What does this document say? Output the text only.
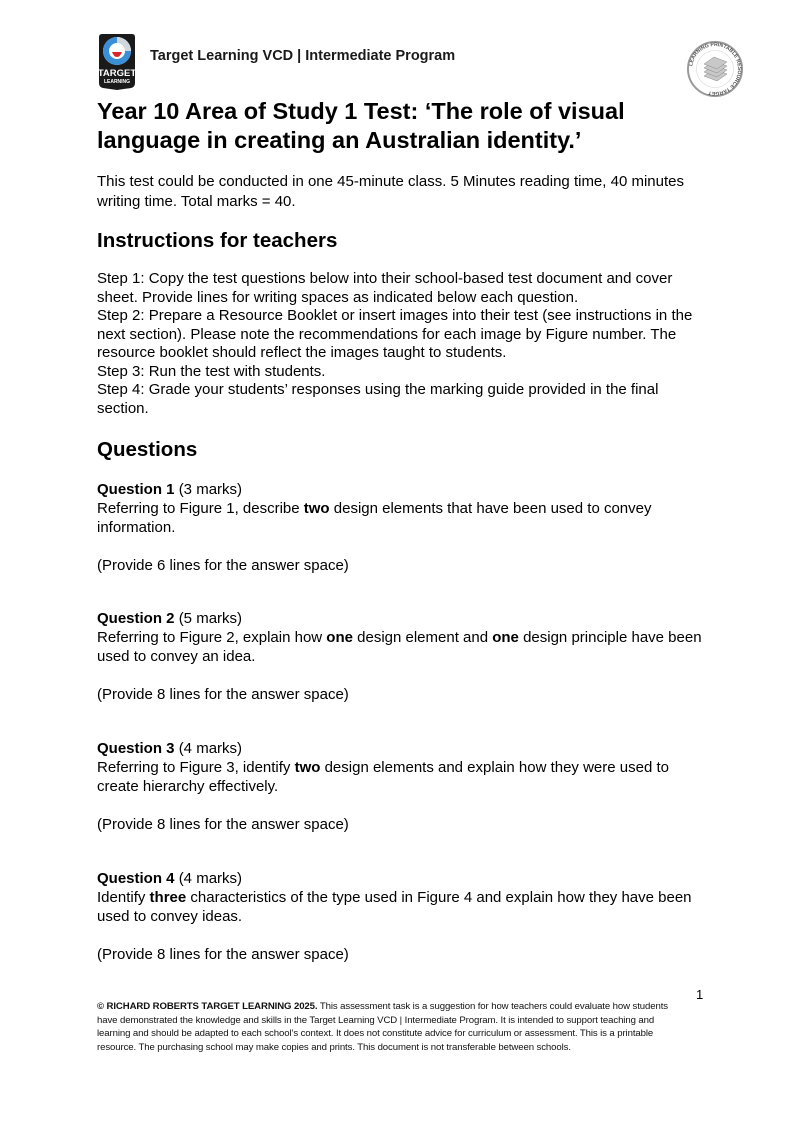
TARGET
LEARNING
Target Learning VCD | Intermediate Program
LEARNING PRINTABLE RESOURCE TARGET
Year 10 Area of Study 1 Test: ‘The role of visual language in creating an Australian identity.’

This test could be conducted in one 45-minute class. 5 Minutes reading time, 40 minutes writing time. Total marks = 40.

Instructions for teachers
Step 1: Copy the test questions below into their school-based test document and cover sheet. Provide lines for writing spaces as indicated below each question.
Step 2: Prepare a Resource Booklet or insert images into their test (see instructions in the next section). Please note the recommendations for each image by Figure number. The resource booklet should reflect the images taught to students.
Step 3: Run the test with students.
Step 4: Grade your students’ responses using the marking guide provided in the final section.
Questions
Question 1 (3 marks)
Referring to Figure 1, describe two design elements that have been used to convey information.
(Provide 6 lines for the answer space)
Question 2 (5 marks)
Referring to Figure 2, explain how one design element and one design principle have been used to convey an idea.
(Provide 8 lines for the answer space)
Question 3 (4 marks)
Referring to Figure 3, identify two design elements and explain how they were used to create hierarchy effectively.
(Provide 8 lines for the answer space)
Question 4 (4 marks)
Identify three characteristics of the type used in Figure 4 and explain how they have been used to convey ideas.
(Provide 8 lines for the answer space)
1
© RICHARD ROBERTS TARGET LEARNING 2025. This assessment task is a suggestion for how teachers could evaluate how students have demonstrated the knowledge and skills in the Target Learning VCD | Intermediate Program. It is intended to support teaching and learning and should be adapted to each school’s context. It does not constitute advice for curriculum or assessment. This is a printable resource. The purchasing school may make copies and prints. This document is not transferable between schools.
